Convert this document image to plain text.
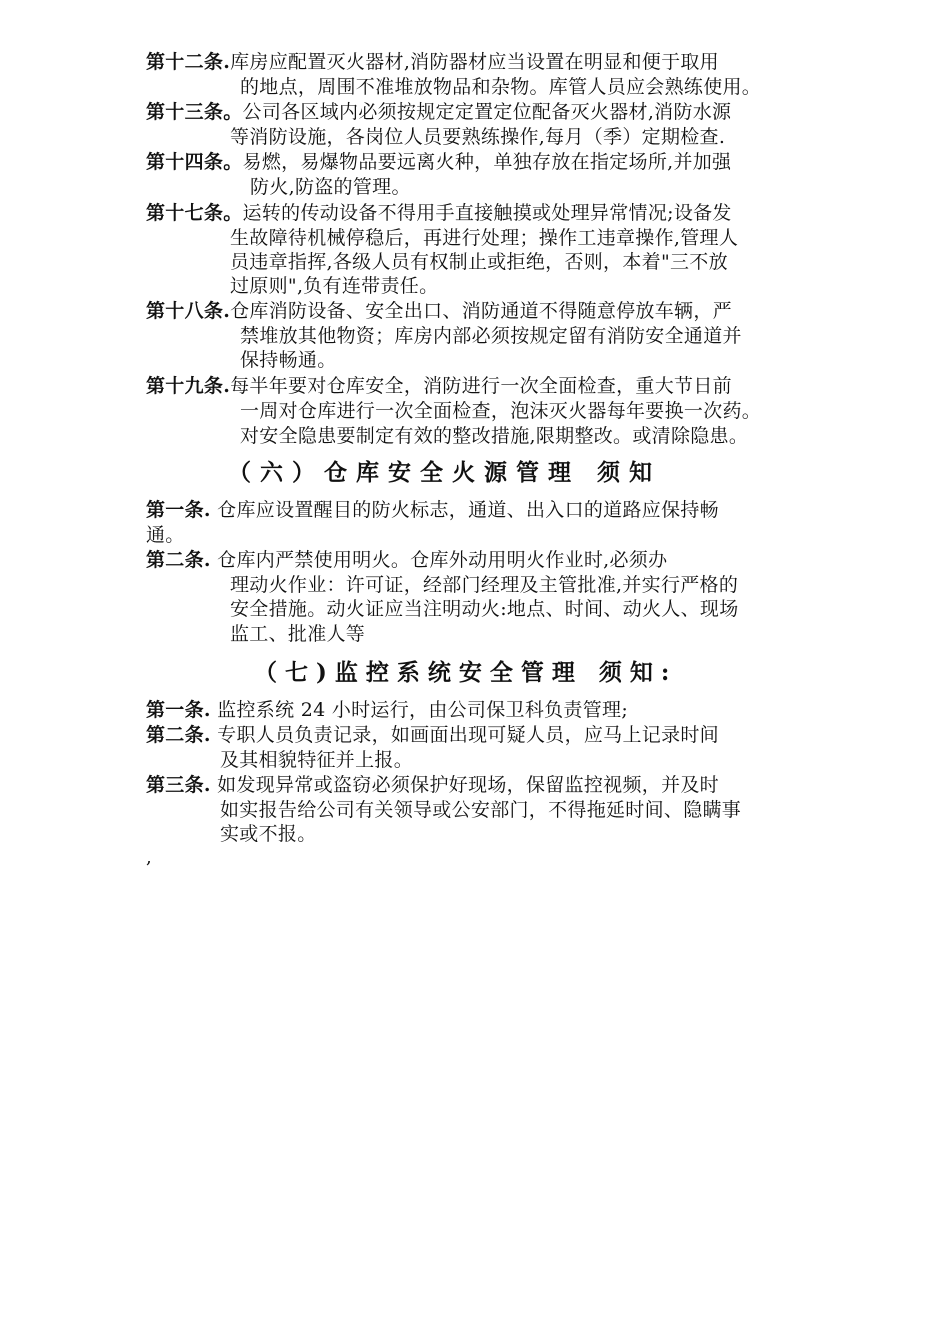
第十二条.库房应配置灭火器材,消防器材应当设置在明显和便于取用
的地点，周围不准堆放物品和杂物。库管人员应会熟练使用。
第十三条。公司各区域内必须按规定定置定位配备灭火器材,消防水源
等消防设施，各岗位人员要熟练操作,每月（季）定期检查.
第十四条。易燃，易爆物品要远离火种，单独存放在指定场所,并加强
防火,防盗的管理。
第十七条。运转的传动设备不得用手直接触摸或处理异常情况;设备发
生故障待机械停稳后，再进行处理；操作工违章操作,管理人
员违章指挥,各级人员有权制止或拒绝，否则，本着"三不放
过原则",负有连带责任。
第十八条.仓库消防设备、安全出口、消防通道不得随意停放车辆，严
禁堆放其他物资；库房内部必须按规定留有消防安全通道并
保持畅通。
第十九条.每半年要对仓库安全，消防进行一次全面检查，重大节日前
一周对仓库进行一次全面检查，泡沫灭火器每年要换一次药。
对安全隐患要制定有效的整改措施,限期整改。或清除隐患。
（六）仓库安全火源管理 须知
第一条. 仓库应设置醒目的防火标志，通道、出入口的道路应保持畅
通。
第二条. 仓库内严禁使用明火。仓库外动用明火作业时,必须办
理动火作业：许可证，经部门经理及主管批准,并实行严格的
安全措施。动火证应当注明动火:地点、时间、动火人、现场
监工、批准人等
（七)监控系统安全管理 须知:
第一条. 监控系统 24 小时运行，由公司保卫科负责管理;
第二条. 专职人员负责记录，如画面出现可疑人员，应马上记录时间
及其相貌特征并上报。
第三条. 如发现异常或盗窃必须保护好现场，保留监控视频，并及时
如实报告给公司有关领导或公安部门，不得拖延时间、隐瞒事
实或不报。
,
